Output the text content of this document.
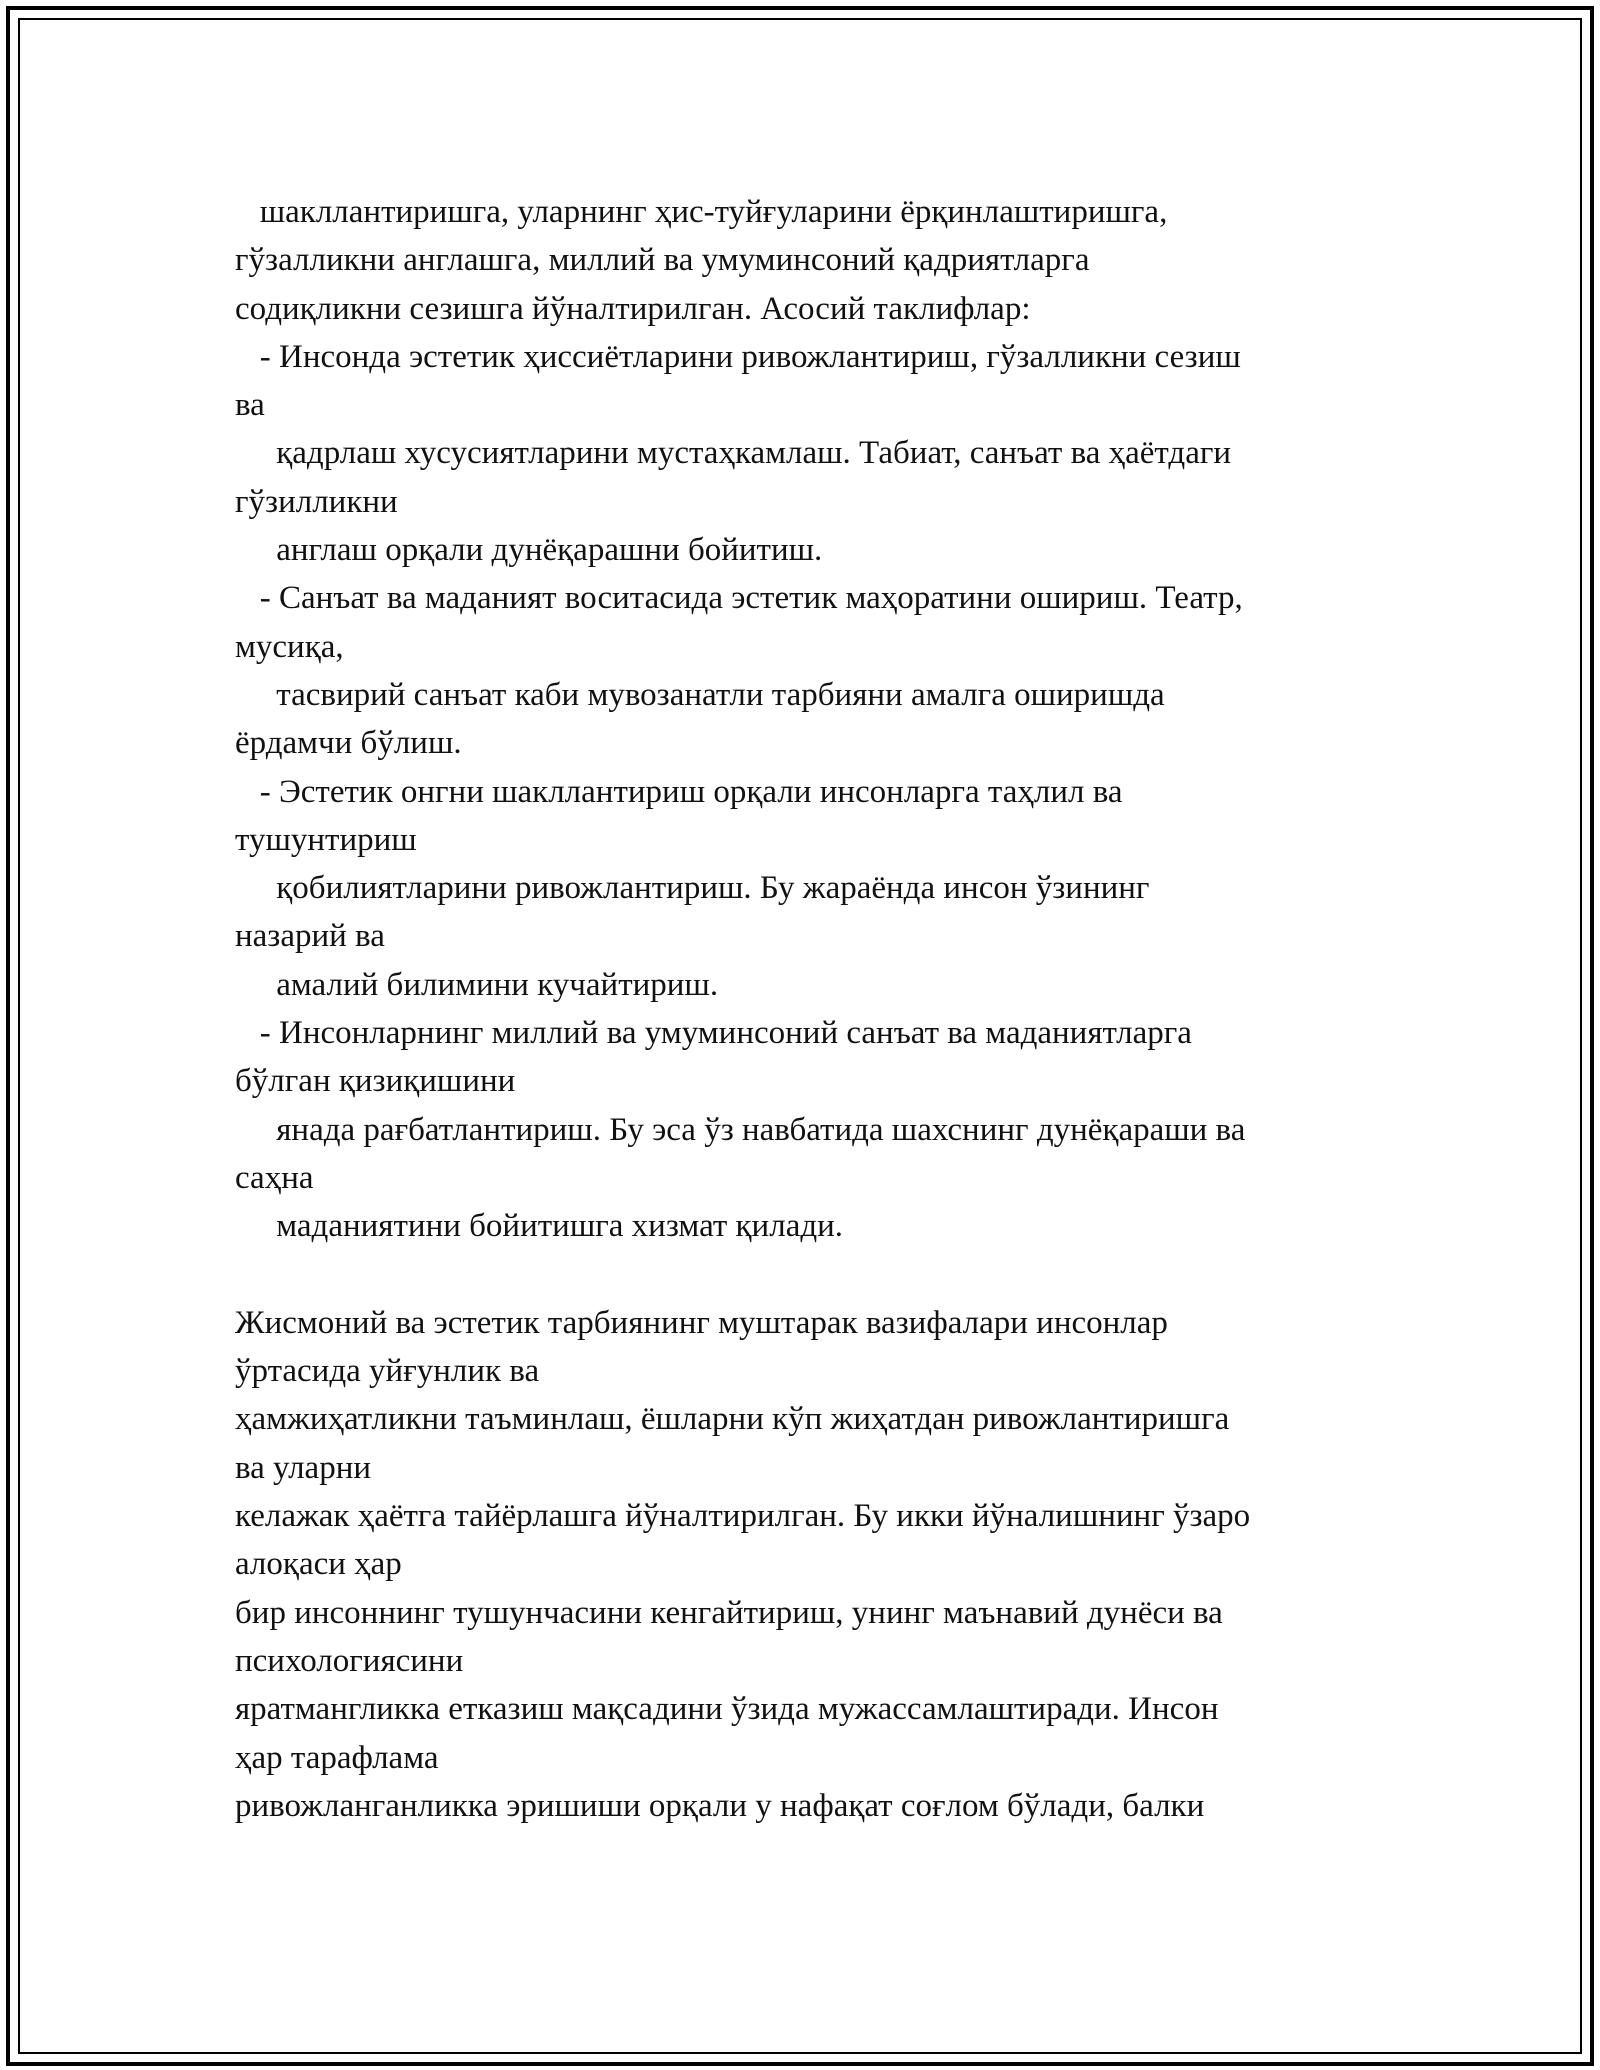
шакллантиришга, уларнинг ҳис-туйғуларини ёрқинлаштиришга,
гўзалликни англашга, миллий ва умуминсоний қадриятларга
содиқликни сезишга йўналтирилган. Асосий таклифлар:
- Инсонда эстетик ҳиссиётларини ривожлантириш, гўзалликни сезиш
ва
қадрлаш хусусиятларини мустаҳкамлаш. Табиат, санъат ва ҳаётдаги
гўзилликни
англаш орқали дунёқарашни бойитиш.
- Санъат ва маданият воситасида эстетик маҳоратини ошириш. Театр,
мусиқа,
тасвирий санъат каби мувозанатли тарбияни амалга оширишда
ёрдамчи бўлиш.
- Эстетик онгни шакллантириш орқали инсонларга таҳлил ва
тушунтириш
қобилиятларини ривожлантириш. Бу жараёнда инсон ўзининг
назарий ва
амалий билимини кучайтириш.
- Инсонларнинг миллий ва умуминсоний санъат ва маданиятларга
бўлган қизиқишини
янада рағбатлантириш. Бу эса ўз навбатида шахснинг дунёқараши ва
саҳна
маданиятини бойитишга хизмат қилади.
Жисмоний ва эстетик тарбиянинг муштарак вазифалари инсонлар
ўртасида уйғунлик ва
ҳамжиҳатликни таъминлаш, ёшларни кўп жиҳатдан ривожлантиришга
ва уларни
келажак ҳаётга тайёрлашга йўналтирилган. Бу икки йўналишнинг ўзаро
алоқаси ҳар
бир инсоннинг тушунчасини кенгайтириш, унинг маънавий дунёси ва
психологиясини
яратмангликка етказиш мақсадини ўзида мужассамлаштиради. Инсон
ҳар тарафлама
ривожланганликка эришиши орқали у нафақат соғлом бўлади, балки
